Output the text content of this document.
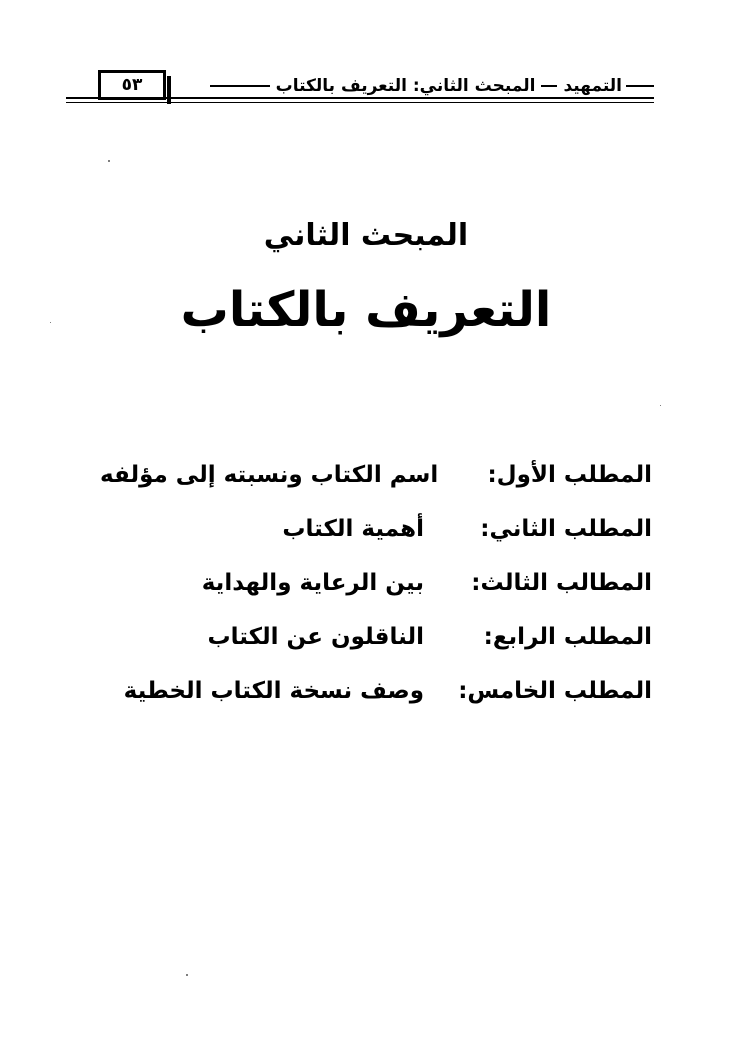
٥٣	التمهيدالمبحث الثاني: التعريف بالكتاب
المبحث الثاني
التعريف بالكتاب
المطلب الأول:
اسم الكتاب ونسبته إلى مؤلفه
المطلب الثاني:
أهمية الكتاب
المطالب الثالث:
بين الرعاية والهداية
المطلب الرابع:
الناقلون عن الكتاب
المطلب الخامس:
وصف نسخة الكتاب الخطية
